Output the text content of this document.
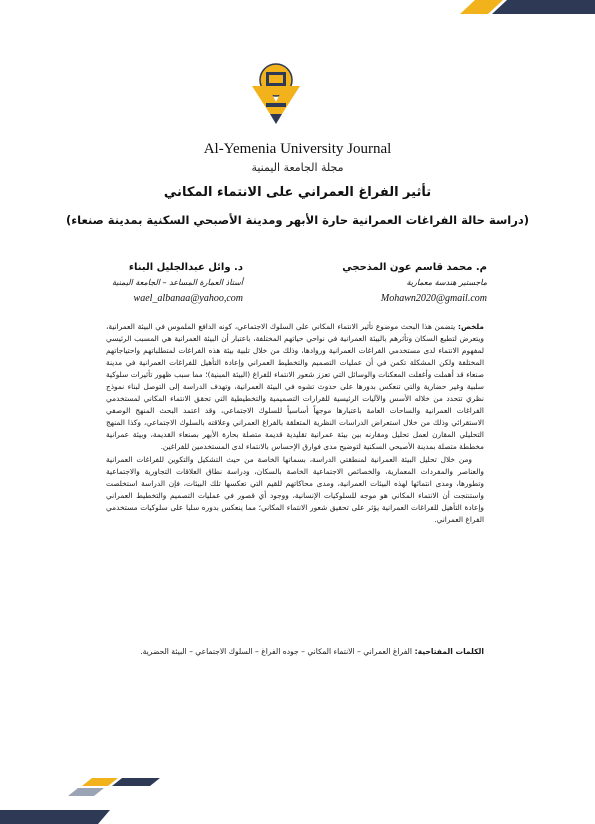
Al-Yemenia University Journal
مجلة الجامعة اليمنية
تأثير الفراغ العمراني على الانتماء المكاني
(دراسة حالة الفراغات العمرانية حارة الأبهر ومدينة الأصبحي السكنية بمدينة صنعاء)
م. محمد قاسم عون المذحجي
ماجستير هندسة معمارية
Mohawn2020@gmail.com
د. وائل عبدالجليل البناء
أستاذ العمارة المساعد – الجامعة اليمنية
wael_albanaa@yahoo,com

ملخص: يتضمن هذا البحث موضوع تأثير الانتماء المكاني على السلوك الاجتماعي، كونه الدافع الملموس في البيئة العمرانية، ويتعرض لتطبع السكان وتأثرهم بالبيئة العمرانية في نواحي حياتهم المختلفة، باعتبار أن البيئة العمرانية هي المسبب الرئيسي لمفهوم الانتماء لدى مستخدمي الفراغات العمرانية وروادها، وذلك من خلال تلبية بيئة هذه الفراغات لمتطلباتهم واحتياجاتهم المختلفة ولكن المشكلة تكمن في أن عمليات التصميم والتخطيط العمراني وإعادة التأهيل للفراغات العمرانية في مدينة صنعاء قد أهملت وأغفلت المعكنات والوسائل التي تعزز شعور الانتماء للفراغ (البيئة المبنية)؛ مما سبب ظهور تأثيرات سلوكية سلبية وغير حضارية والتي تنعكس بدورها على حدوث تشوه في البيئة العمرانية، وتهدف الدراسة إلى التوصل لبناء نموذج نظري تتحدد من خلاله الأسس والآليات الرئيسية للقرارات التصميمية والتخطيطية التي تحقق الانتماء المكاني لمستخدمي الفراغات العمرانية والساحات العامة باعتبارها موجهاً أساسياً للسلوك الاجتماعي، وقد اعتمد البحث المنهج الوصفي الاستقرائي وذلك من خلال استعراض الدراسات النظرية المتعلقة بالفراغ العمراني وعلاقته بالسلوك الاجتماعي، وكذا المنهج التحليلي المقارن لعمل تحليل ومقارنه بين بيئة عمرانية تقليدية قديمة متصلة بحارة الأبهر بصنعاء القديمة، وبيئة عمرانية مخططة متصلة بمدينة الأصبحي السكنية لتوضيح مدى فوارق الإحساس بالانتماء لدى المستخدمين للفراغين.

ومن خلال تحليل البيئة العمرانية لمنطقتي الدراسة، بسماتها الخاصة من حيث التشكيل والتكوين للفراغات العمرانية والعناصر والمفردات المعمارية، والخصائص الاجتماعية الخاصة بالسكان، ودراسة نطاق العلاقات التجاورية والاجتماعية وتطورها، ومدى انتمائها لهذه البيئات العمرانية، ومدى محاكاتهم للقيم التي تعكسها تلك البيئات، فإن الدراسة استخلصت واستنتجت أن الانتماء المكاني هو موجه للسلوكيات الإنسانية، ووجود أي قصور في عمليات التصميم والتخطيط العمراني وإعادة التأهيل للفراغات العمرانية يؤثر على تحقيق شعور الانتماء المكاني؛ مما ينعكس بدوره سلبا على سلوكيات مستخدمي الفراغ العمراني.

الكلمات المفتاحية: الفراغ العمراني – الانتماء المكاني – جوده الفراغ – السلوك الاجتماعي – البيئة الحضرية.
